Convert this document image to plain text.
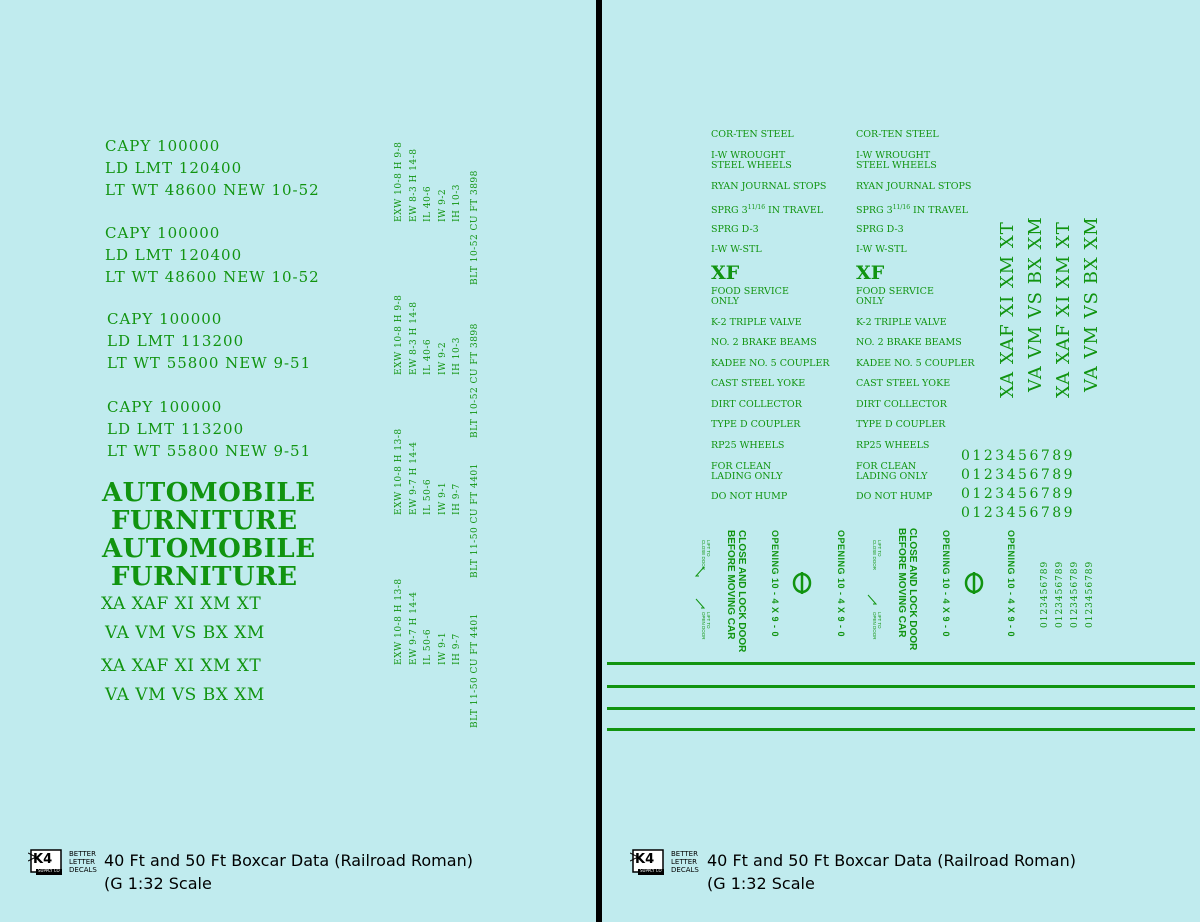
CAPY 100000
LD LMT 120400
LT WT 48600 NEW 10-52
CAPY 100000
LD LMT 120400
LT WT 48600 NEW 10-52
CAPY 100000
LD LMT 113200
LT WT 55800 NEW 9-51
CAPY 100000
LD LMT 113200
LT WT 55800 NEW 9-51
AUTOMOBILE
FURNITURE
AUTOMOBILE
FURNITURE
XA XAF XI XM XT
VA VM VS BX XM
XA XAF XI XM XT
VA VM VS BX XM
EXW 10-8 H 9-8 EW 8-3 H 14-8 IL 40-6 IW 9-2 IH 10-3 BLT 10-52 CU FT 3898
EXW 10-8 H 9-8 EW 8-3 H 14-8 IL 40-6 IW 9-2 IH 10-3 BLT 10-52 CU FT 3898
EXW 10-8 H 13-8 EW 9-7 H 14-4 IL 50-6 IW 9-1 IH 9-7 BLT 11-50 CU FT 4401
EXW 10-8 H 13-8 EW 9-7 H 14-4 IL 50-6 IW 9-1 IH 9-7 BLT 11-50 CU FT 4401
K4
SUPPLY CO
BETTER
LETTER
DECALS 40 Ft and 50 Ft Boxcar Data (Railroad Roman)
(G 1:32 Scale
COR-TEN STEEL
I-W WROUGHT
STEEL WHEELS
RYAN JOURNAL STOPS
SPRG $3^{11/16}$ IN TRAVEL
SPRG D-3
I-W W-STL
XF
FOOD SERVICE
ONLY
K-2 TRIPLE VALVE
NO. 2 BRAKE BEAMS
KADEE NO. 5 COUPLER
CAST STEEL YOKE
DIRT COLLECTOR
TYPE D COUPLER
RP25 WHEELS
FOR CLEAN
LADING ONLY
DO NOT HUMP
COR-TEN STEEL
I-W WROUGHT
STEEL WHEELS
RYAN JOURNAL STOPS
SPRG $3^{11/16}$ IN TRAVEL
SPRG D-3
I-W W-STL
XF
FOOD SERVICE
ONLY
K-2 TRIPLE VALVE
NO. 2 BRAKE BEAMS
KADEE NO. 5 COUPLER
CAST STEEL YOKE
DIRT COLLECTOR
TYPE D COUPLER
RP25 WHEELS
FOR CLEAN
LADING ONLY
DO NOT HUMP
XA XAF XI XM XT VA VM VS BX XM XA XAF XI XM XT VA VM VS BX XM
0123456789
0123456789
0123456789
0123456789
0123456789 0123456789 0123456789 0123456789
LIFT TO
CLOSE DOOR
LIFT TO
OPEN DOOR	CLOSE AND LOCK DOOR
BEFORE MOVING CAR	OPENING 10 - 4 X 9 - 0	OPENING 10 - 4 X 9 - 0	LIFT TO
CLOSE DOOR
LIFT TO
OPEN DOOR	CLOSE AND LOCK DOOR
BEFORE MOVING CAR	OPENING 10 - 4 X 9 - 0	OPENING 10 - 4 X 9 - 0
K4
SUPPLY CO
BETTER
LETTER
DECALS 40 Ft and 50 Ft Boxcar Data (Railroad Roman)
(G 1:32 Scale
